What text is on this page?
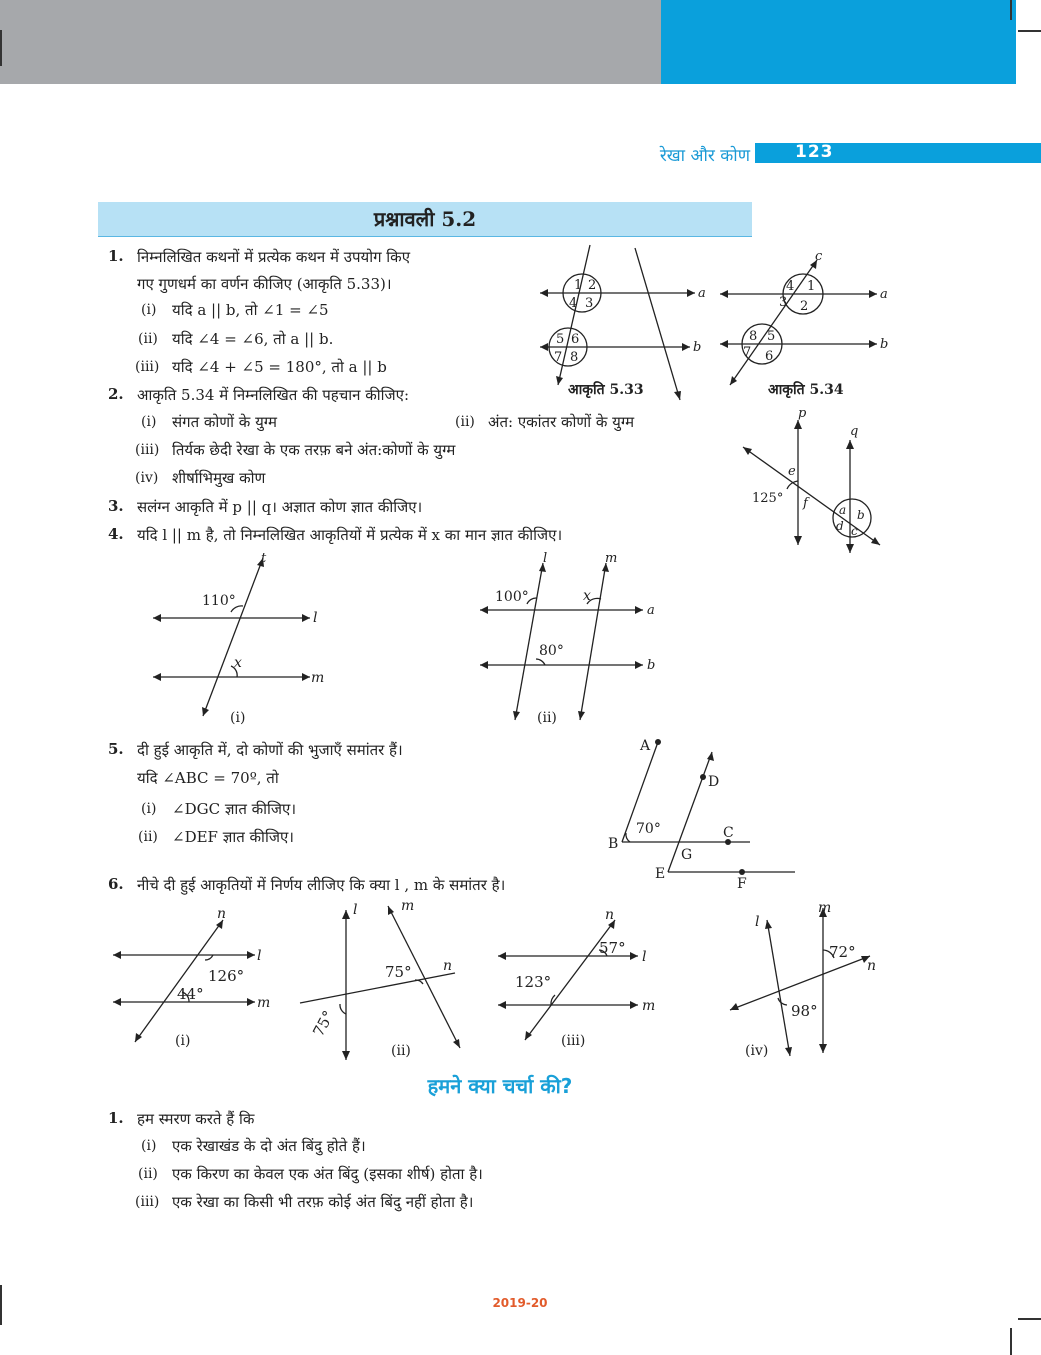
रेखा और कोण	123
प्रश्नावली 5.2
1. निम्नलिखित कथनों में प्रत्येक कथन में उपयोग किए
गए गुणधर्म का वर्णन कीजिए (आकृति 5.33)।
(i) यदि a || b, तो ∠1 = ∠5
(ii) यदि ∠4 = ∠6, तो a || b.
(iii) यदि ∠4 + ∠5 = 180°, तो a || b
2. आकृति 5.34 में निम्नलिखित की पहचान कीजिए:
(i) संगत कोणों के युग्म	(ii) अंत: एकांतर कोणों के युग्म
(iii) तिर्यक छेदी रेखा के एक तरफ़ बने अंत:कोणों के युग्म
(iv) शीर्षाभिमुख कोण
3. सलंग्न आकृति में p || q। अज्ञात कोण ज्ञात कीजिए।
4. यदि l || m है, तो निम्नलिखित आकृतियों में प्रत्येक में x का मान ज्ञात कीजिए।
5. दी हुई आकृति में, दो कोणों की भुजाएँ समांतर हैं।
यदि ∠ABC = 70º, तो
(i) ∠DGC ज्ञात कीजिए।
(ii) ∠DEF ज्ञात कीजिए।
6. नीचे दी हुई आकृतियों में निर्णय लीजिए कि क्या l , m के समांतर है।
a
b
1 2
4 3
5 6
7 8
आकृति 5.33
a
b
c
4 1
3 2
8 5
7 6
आकृति 5.34
p
q
e
f
125°
a b
c
d
t
l
m
110°
x
(i)
l	m
a
b
100°	x
80°
(ii)
A
B
C
D
E
F
G
70°
n
l
m
126°
44°
(i)
l	m
n
75°
75°
(ii)
n
l
m
57°
123°
(iii)
l
m
n
72°
98°
(iv)
हमने क्या चर्चा की?
1. हम स्मरण करते हैं कि
(i) एक रेखाखंड के दो अंत बिंदु होते हैं।
(ii) एक किरण का केवल एक अंत बिंदु (इसका शीर्ष) होता है।
(iii) एक रेखा का किसी भी तरफ़ कोई अंत बिंदु नहीं होता है।
2019-20
